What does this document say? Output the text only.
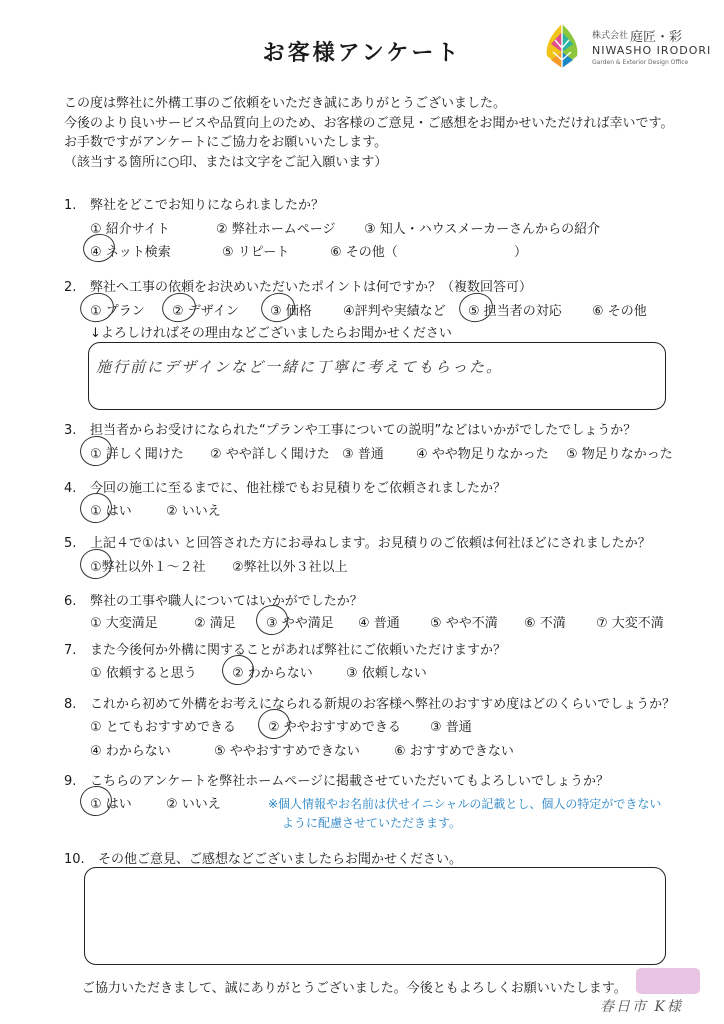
お客様アンケート
株式会社 庭匠・彩
NIWASHO IRODORI
Garden & Exterior Design Office
この度は弊社に外構工事のご依頼をいただき誠にありがとうございました。
今後のより良いサービスや品質向上のため、お客様のご意見・ご感想をお聞かせいただければ幸いです。
お手数ですがアンケートにご協力をお願いいたします。
（該当する箇所に○印、または文字をご記入願います）
1. 弊社をどこでお知りになられましたか？
① 紹介サイト	② 弊社ホームページ ③ 知人・ハウスメーカーさんからの紹介
④ ネット検索	⑤ リピート	⑥ その他（	）
2. 弊社へ工事の依頼をお決めいただいたポイントは何ですか？（複数回答可）
① プラン ② デザイン ③ 価格 ④評判や実績など ⑤ 担当者の対応 ⑥ その他
↓よろしければその理由などございましたらお聞かせください
施行前にデザインなど一緒に丁寧に考えてもらった。
3. 担当者からお受けになられた“プランや工事についての説明”などはいかがでしたでしょうか？
① 詳しく聞けた ② やや詳しく聞けた ③ 普通 ④ やや物足りなかった ⑤ 物足りなかった
4. 今回の施工に至るまでに、他社様でもお見積りをご依頼されましたか？
① はい	② いいえ
5. 上記４で①はい と回答された方にお尋ねします。お見積りのご依頼は何社ほどにされましたか？
①弊社以外１～２社 ②弊社以外３社以上
6. 弊社の工事や職人についてはいかがでしたか？
① 大変満足	② 満足 ③ やや満足 ④ 普通 ⑤ やや不満 ⑥ 不満 ⑦ 大変不満
7. また今後何か外構に関することがあれば弊社にご依頼いただけますか？
① 依頼すると思う	② わからない	③ 依頼しない
8. これから初めて外構をお考えになられる新規のお客様へ弊社のおすすめ度はどのくらいでしょうか？
① とてもおすすめできる ② ややおすすめできる ③ 普通
④ わからない	⑤ ややおすすめできない	⑥ おすすめできない
9. こちらのアンケートを弊社ホームページに掲載させていただいてもよろしいでしょうか？
① はい	② いいえ	※個人情報やお名前は伏せイニシャルの記載とし、個人の特定ができない
ように配慮させていただきます。
10. その他ご意見、ご感想などございましたらお聞かせください。
ご協力いただきまして、誠にありがとうございました。今後ともよろしくお願いいたします。
春日市 K様
